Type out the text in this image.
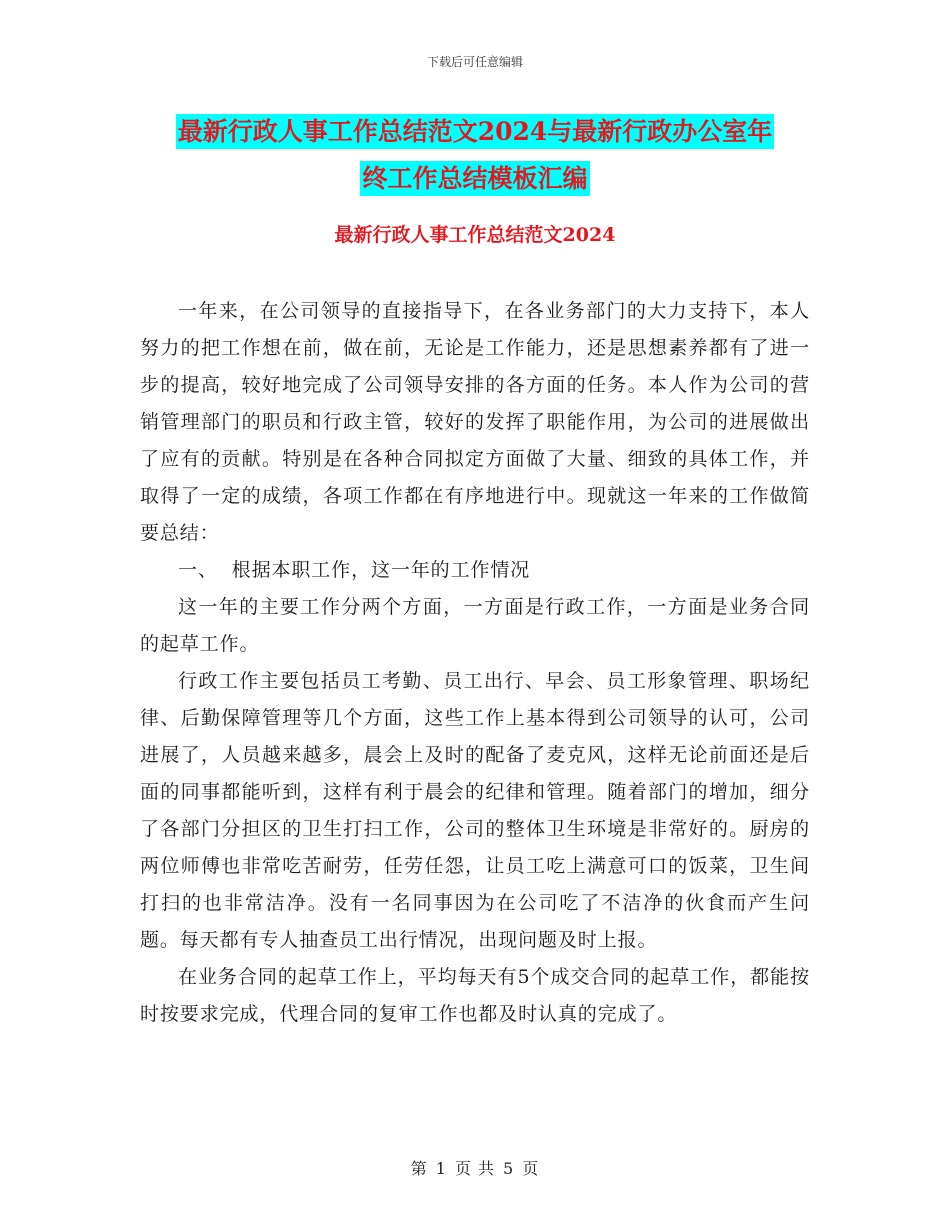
下载后可任意编辑
最新行政人事工作总结范文2024与最新行政办公室年
终工作总结模板汇编
最新行政人事工作总结范文2024

一年来，在公司领导的直接指导下，在各业务部门的大力支持下，本人努力的把工作想在前，做在前，无论是工作能力，还是思想素养都有了进一步的提高，较好地完成了公司领导安排的各方面的任务。本人作为公司的营销管理部门的职员和行政主管，较好的发挥了职能作用，为公司的进展做出了应有的贡献。特别是在各种合同拟定方面做了大量、细致的具体工作，并取得了一定的成绩，各项工作都在有序地进行中。现就这一年来的工作做简要总结：

一、  根据本职工作，这一年的工作情况

这一年的主要工作分两个方面，一方面是行政工作，一方面是业务合同的起草工作。

行政工作主要包括员工考勤、员工出行、早会、员工形象管理、职场纪律、后勤保障管理等几个方面，这些工作上基本得到公司领导的认可，公司进展了，人员越来越多，晨会上及时的配备了麦克风，这样无论前面还是后面的同事都能听到，这样有利于晨会的纪律和管理。随着部门的增加，细分了各部门分担区的卫生打扫工作，公司的整体卫生环境是非常好的。厨房的两位师傅也非常吃苦耐劳，任劳任怨，让员工吃上满意可口的饭菜，卫生间打扫的也非常洁净。没有一名同事因为在公司吃了不洁净的伙食而产生问题。每天都有专人抽查员工出行情况，出现问题及时上报。

在业务合同的起草工作上，平均每天有5个成交合同的起草工作，都能按时按要求完成，代理合同的复审工作也都及时认真的完成了。

第 1 页 共 5 页
